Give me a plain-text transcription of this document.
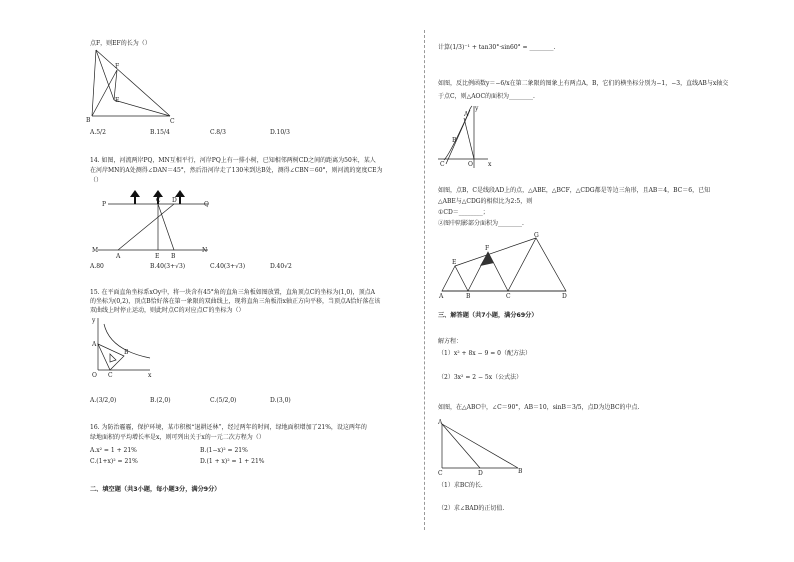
点F，则EF的长为（）
F
E
B	C
A.5/2	B.15/4	C.8/3	D.10/3
14. 如图，河流两岸PQ，MN互相平行，河岸PQ上有一排小树，已知相邻两树CD之间的距离为50米，某人
在河岸MN的A处测得∠DAN＝45°，然后沿河岸走了130米到达B处，测得∠CBN＝60°，则河流的宽度CE为
（）
P
C D
Q
M
A	B
E
N
A.80	B.40(3+√3)	C.40(3+√3)	D.40√2
15. 在平面直角坐标系xOy中，将一块含有45°角的直角三角板如图放置，直角顶点C的坐标为(1,0)，顶点A
的坐标为(0,2)，顶点B恰好落在第一象限的双曲线上，现将直角三角板沿x轴正方向平移，当顶点A恰好落在该
双曲线上时停止运动，则此时点C的对应点C′的坐标为（）
y
A
B
O C	x
A.(3/2,0)	B.(2,0)	C.(5/2,0)	D.(3,0)
16. 为防治霾霾，保护环境，某市积极“退耕还林”，经过两年的时间，绿地面积增加了21%，设这两年的
绿地面积的平均增长率是x，则可列出关于x的一元二次方程为（）
A.x² = 1 + 21%	B.(1−x)² = 21%
C.(1+x)² = 21%	D.(1 + x)² = 1 + 21%
二、填空题（共3小题，每小题3分，满分9分）
计算(1/3)⁻¹ + tan30°·sin60° = ________.
如图，反比例函数y＝−6/x在第二象限的图象上有两点A，B，它们的横坐标分别为−1，−3，直线AB与x轴交
于点C，则△AOC的面积为________.
y
A
B
C	O	x
如图，点B，C是线段AD上的点，△ABE，△BCF，△CDG都是等边三角形，且AB＝4，BC＝6，已知
△ABE与△CDG的相似比为2:5，则
①CD＝________；
②图中阴影部分面积为________.
G
F
E
A	B	C	D
三、解答题（共7小题，满分69分）
解方程：
（1）x² + 8x − 9 = 0（配方法）
（2）3x² = 2 − 5x（公式法）
如图，在△ABC中，∠C＝90°，AB＝10，sinB＝3/5，点D为边BC的中点.
A
C	D	B
（1）求BC的长.
（2）求∠BAD的正切值.
